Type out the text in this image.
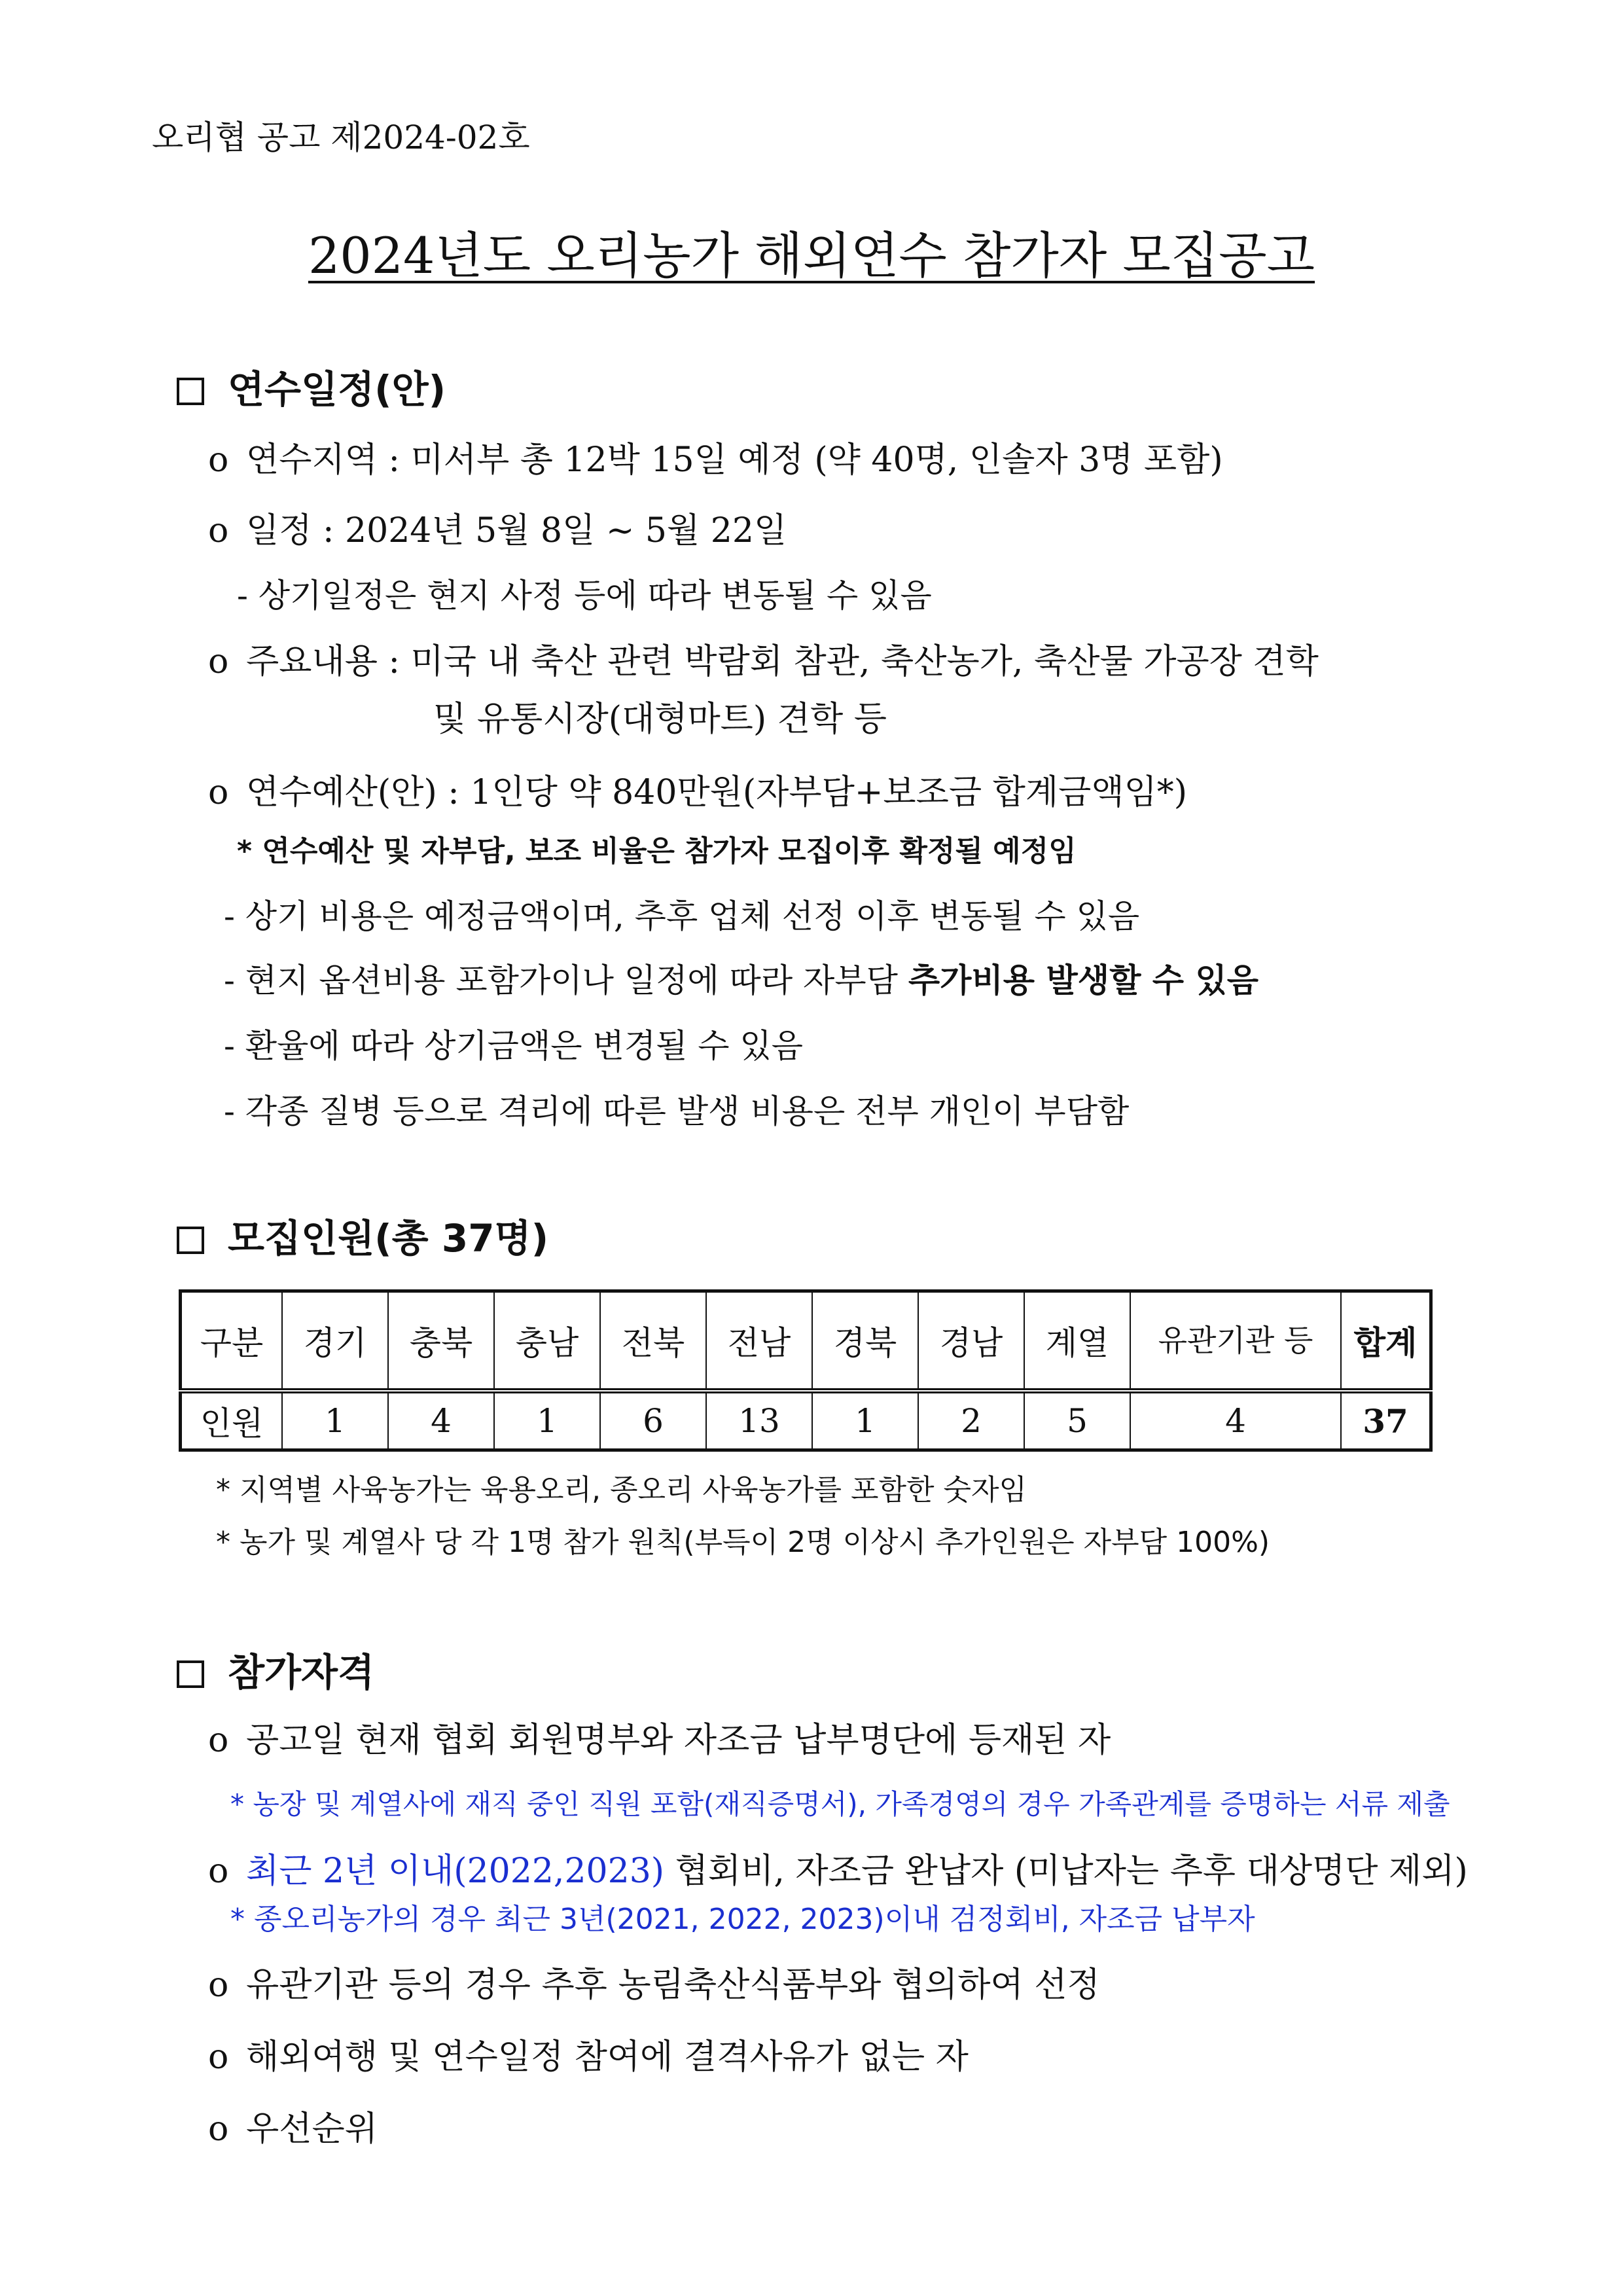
오리협 공고 제2024-02호
2024년도 오리농가 해외연수 참가자 모집공고
연수일정(안)
o 연수지역 : 미서부 총 12박 15일 예정 (약 40명, 인솔자 3명 포함)
o 일정 : 2024년 5월 8일 ~ 5월 22일
- 상기일정은 현지 사정 등에 따라 변동될 수 있음
o 주요내용 : 미국 내 축산 관련 박람회 참관, 축산농가, 축산물 가공장 견학
및 유통시장(대형마트) 견학 등
o 연수예산(안) : 1인당 약 840만원(자부담+보조금 합계금액임*)
* 연수예산 및 자부담, 보조 비율은 참가자 모집이후 확정될 예정임
- 상기 비용은 예정금액이며, 추후 업체 선정 이후 변동될 수 있음
- 현지 옵션비용 포함가이나 일정에 따라 자부담 추가비용 발생할 수 있음
- 환율에 따라 상기금액은 변경될 수 있음
- 각종 질병 등으로 격리에 따른 발생 비용은 전부 개인이 부담함
모집인원(총 37명)
구분	경기	충북	충남	전북	전남	경북	경남	계열	유관기관 등	합계
인원	1	4	1	6	13	1	2	5	4	37
* 지역별 사육농가는 육용오리, 종오리 사육농가를 포함한 숫자임
* 농가 및 계열사 당 각 1명 참가 원칙(부득이 2명 이상시 추가인원은 자부담 100%)
참가자격
o 공고일 현재 협회 회원명부와 자조금 납부명단에 등재된 자
* 농장 및 계열사에 재직 중인 직원 포함(재직증명서), 가족경영의 경우 가족관계를 증명하는 서류 제출
o 최근 2년 이내(2022,2023) 협회비, 자조금 완납자 (미납자는 추후 대상명단 제외)
* 종오리농가의 경우 최근 3년(2021, 2022, 2023)이내 검정회비, 자조금 납부자
o 유관기관 등의 경우 추후 농림축산식품부와 협의하여 선정
o 해외여행 및 연수일정 참여에 결격사유가 없는 자
o 우선순위
